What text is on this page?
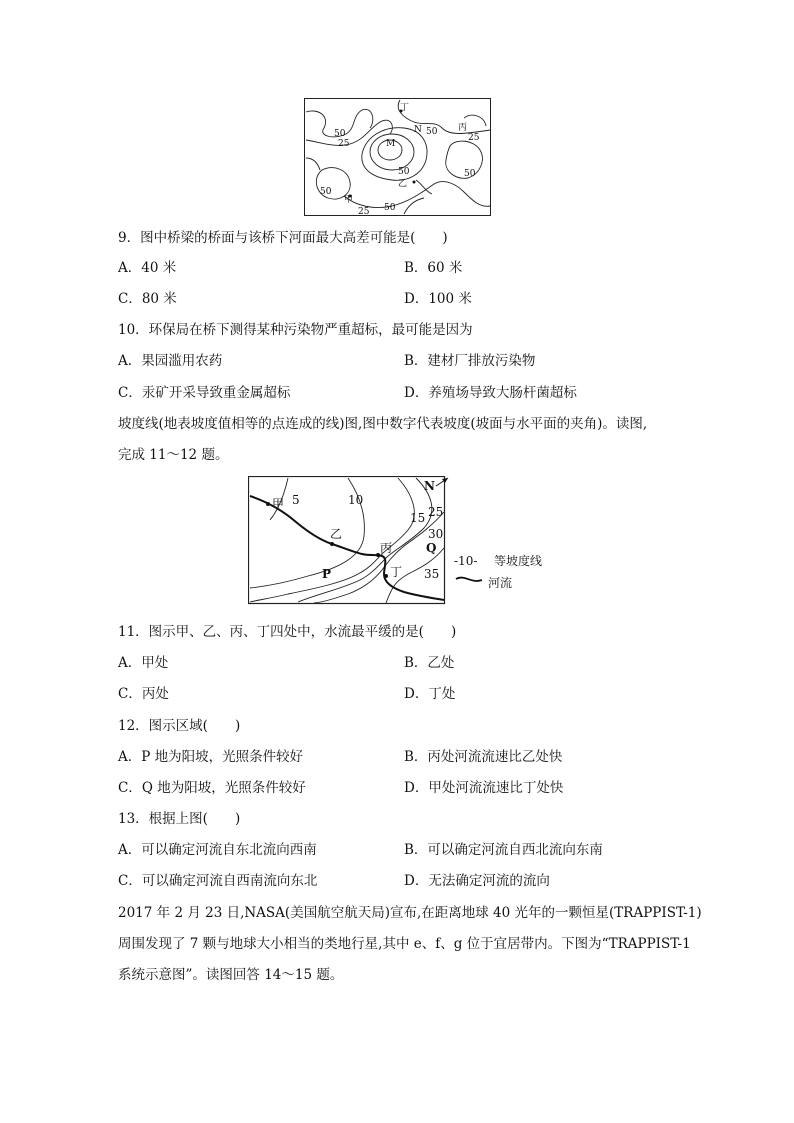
丁
N	丙
M
乙
甲
50
25
50
25
50	50
50
25 50
9．图中桥梁的桥面与该桥下河面最大高差可能是(　　)
A．40 米	B．60 米
C．80 米	D．100 米
10．环保局在桥下测得某种污染物严重超标，最可能是因为
A．果园滥用农药	B．建材厂排放污染物
C．汞矿开采导致重金属超标	D．养殖场导致大肠杆菌超标
坡度线(地表坡度值相等的点连成的线)图,图中数字代表坡度(坡面与水平面的夹角)。读图,
完成 11～12 题。
甲
乙
丙
丁
P
Q
N
5	10
15 25
30
35
-10- 等坡度线
河流
11．图示甲、乙、丙、丁四处中，水流最平缓的是(　　)
A．甲处	B．乙处
C．丙处	D．丁处
12．图示区域(　　)
A．P 地为阳坡，光照条件较好	B．丙处河流流速比乙处快
C．Q 地为阳坡，光照条件较好	D．甲处河流流速比丁处快
13．根据上图(　　)
A．可以确定河流自东北流向西南	B．可以确定河流自西北流向东南
C．可以确定河流自西南流向东北	D．无法确定河流的流向
2017 年 2 月 23 日,NASA(美国航空航天局)宣布,在距离地球 40 光年的一颗恒星(TRAPPIST-1)
周围发现了 7 颗与地球大小相当的类地行星,其中 e、f、g 位于宜居带内。下图为“TRAPPIST-1
系统示意图”。读图回答 14～15 题。
